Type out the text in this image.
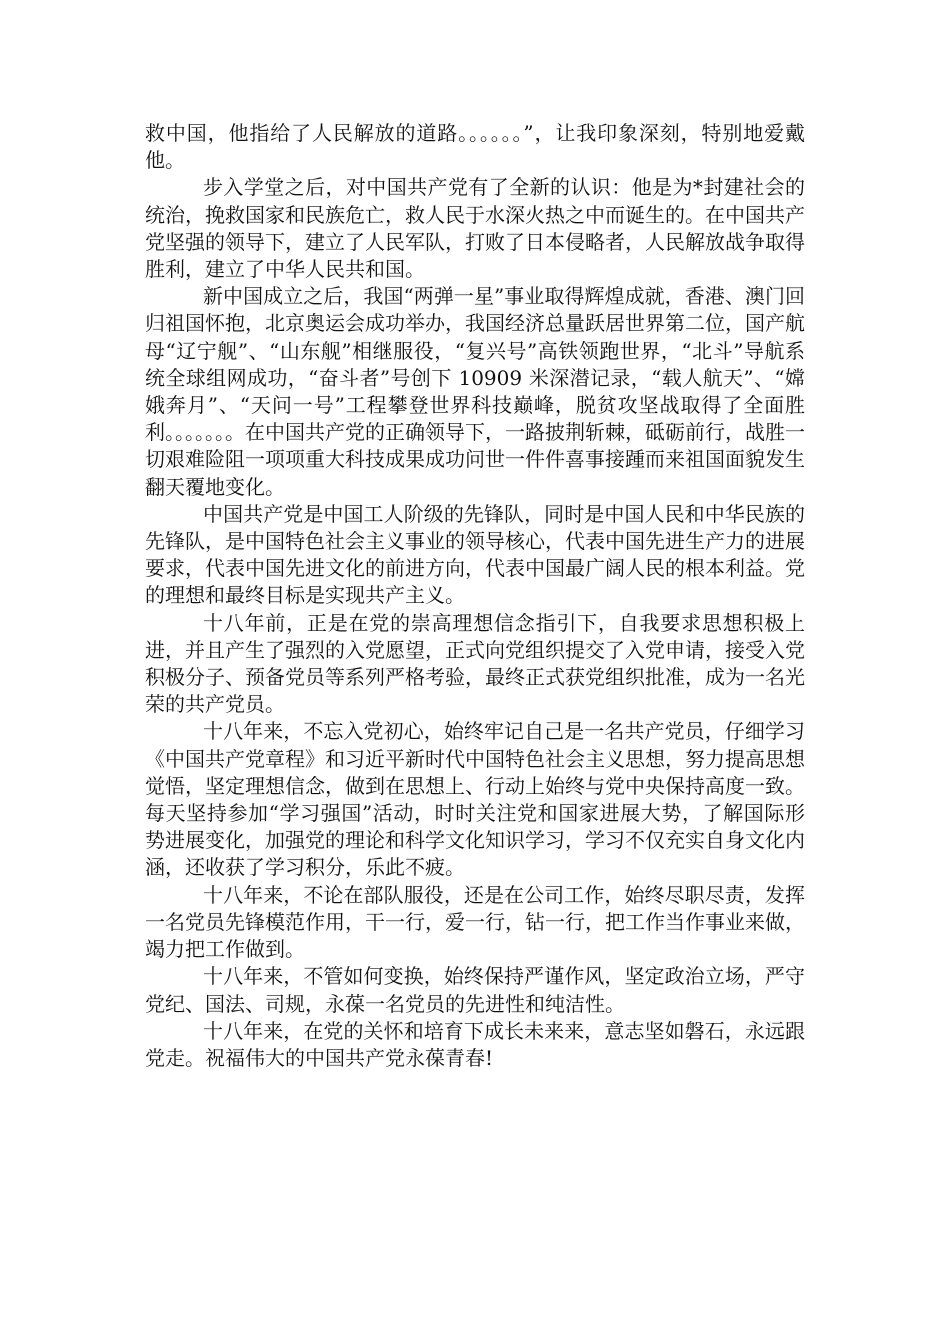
救中国，他指给了人民解放的道路。。。。。。”，让我印象深刻，特别地爱戴他。

步入学堂之后，对中国共产党有了全新的认识：他是为*封建社会的统治，挽救国家和民族危亡，救人民于水深火热之中而诞生的。在中国共产党坚强的领导下，建立了人民军队，打败了日本侵略者，人民解放战争取得胜利，建立了中华人民共和国。

新中国成立之后，我国“两弹一星”事业取得辉煌成就，香港、澳门回归祖国怀抱，北京奥运会成功举办，我国经济总量跃居世界第二位，国产航母“辽宁舰”、“山东舰”相继服役，“复兴号”高铁领跑世界，“北斗”导航系统全球组网成功，“奋斗者”号创下 10909 米深潜记录，“载人航天”、“嫦娥奔月”、“天问一号”工程攀登世界科技巅峰，脱贫攻坚战取得了全面胜利。。。。。。。在中国共产党的正确领导下，一路披荆斩棘，砥砺前行，战胜一切艰难险阻一项项重大科技成果成功问世一件件喜事接踵而来祖国面貌发生翻天覆地变化。

中国共产党是中国工人阶级的先锋队，同时是中国人民和中华民族的先锋队，是中国特色社会主义事业的领导核心，代表中国先进生产力的进展要求，代表中国先进文化的前进方向，代表中国最广阔人民的根本利益。党的理想和最终目标是实现共产主义。

十八年前，正是在党的崇高理想信念指引下，自我要求思想积极上进，并且产生了强烈的入党愿望，正式向党组织提交了入党申请，接受入党积极分子、预备党员等系列严格考验，最终正式获党组织批准，成为一名光荣的共产党员。

十八年来，不忘入党初心，始终牢记自己是一名共产党员，仔细学习《中国共产党章程》和习近平新时代中国特色社会主义思想，努力提高思想觉悟，坚定理想信念，做到在思想上、行动上始终与党中央保持高度一致。每天坚持参加“学习强国”活动，时时关注党和国家进展大势，了解国际形势进展变化，加强党的理论和科学文化知识学习，学习不仅充实自身文化内涵，还收获了学习积分，乐此不疲。

十八年来，不论在部队服役，还是在公司工作，始终尽职尽责，发挥一名党员先锋模范作用，干一行，爱一行，钻一行，把工作当作事业来做，竭力把工作做到。

十八年来，不管如何变换，始终保持严谨作风，坚定政治立场，严守党纪、国法、司规，永葆一名党员的先进性和纯洁性。

十八年来，在党的关怀和培育下成长未来来，意志坚如磐石，永远跟党走。祝福伟大的中国共产党永葆青春!
